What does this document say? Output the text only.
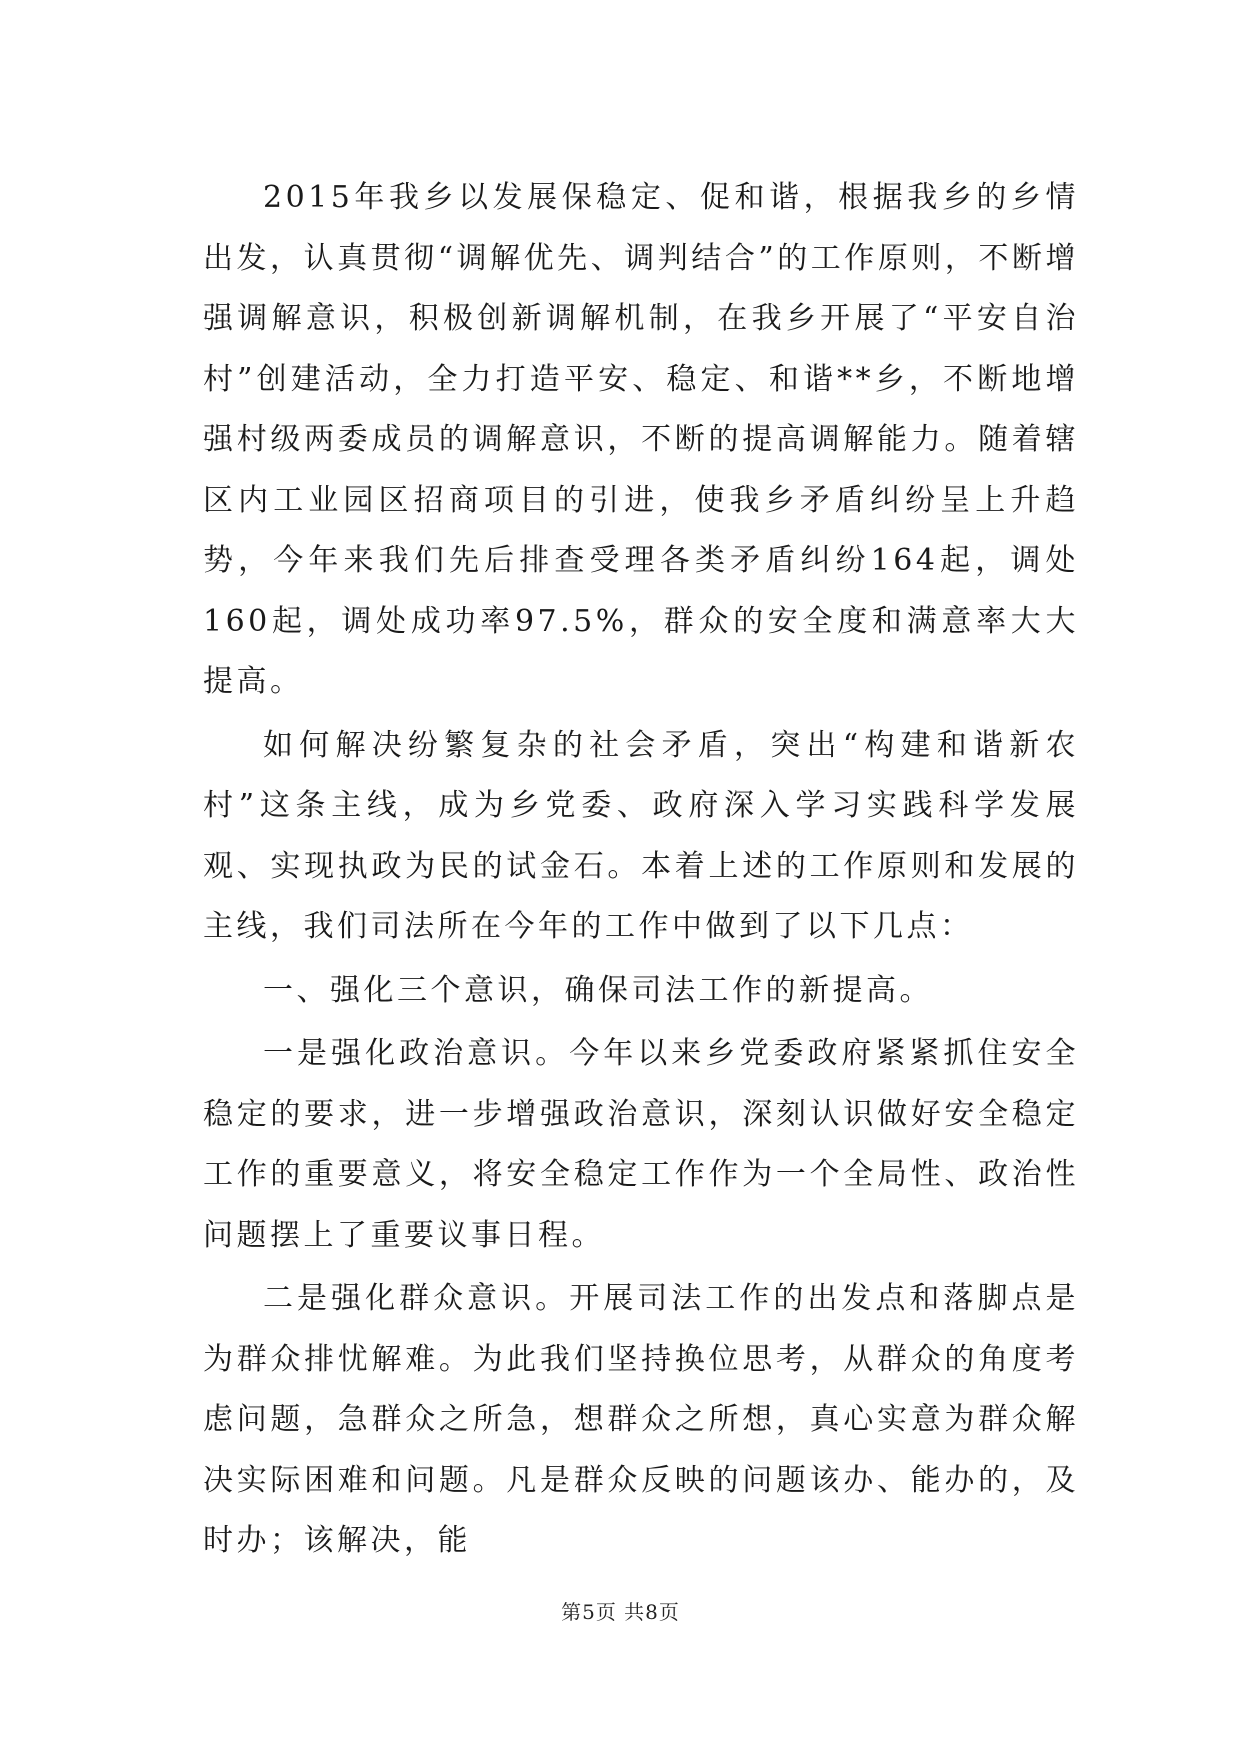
2015年我乡以发展保稳定、促和谐，根据我乡的乡情出发，认真贯彻“调解优先、调判结合”的工作原则，不断增强调解意识，积极创新调解机制，在我乡开展了“平安自治村”创建活动，全力打造平安、稳定、和谐**乡，不断地增强村级两委成员的调解意识，不断的提高调解能力。随着辖区内工业园区招商项目的引进，使我乡矛盾纠纷呈上升趋势，今年来我们先后排查受理各类矛盾纠纷164起，调处160起，调处成功率97.5%，群众的安全度和满意率大大提高。

如何解决纷繁复杂的社会矛盾，突出“构建和谐新农村”这条主线，成为乡党委、政府深入学习实践科学发展观、实现执政为民的试金石。本着上述的工作原则和发展的主线，我们司法所在今年的工作中做到了以下几点：

一、强化三个意识，确保司法工作的新提高。

一是强化政治意识。今年以来乡党委政府紧紧抓住安全稳定的要求，进一步增强政治意识，深刻认识做好安全稳定工作的重要意义，将安全稳定工作作为一个全局性、政治性问题摆上了重要议事日程。

二是强化群众意识。开展司法工作的出发点和落脚点是为群众排忧解难。为此我们坚持换位思考，从群众的角度考虑问题，急群众之所急，想群众之所想，真心实意为群众解决实际困难和问题。凡是群众反映的问题该办、能办的，及时办；该解决，能

第5页 共8页
